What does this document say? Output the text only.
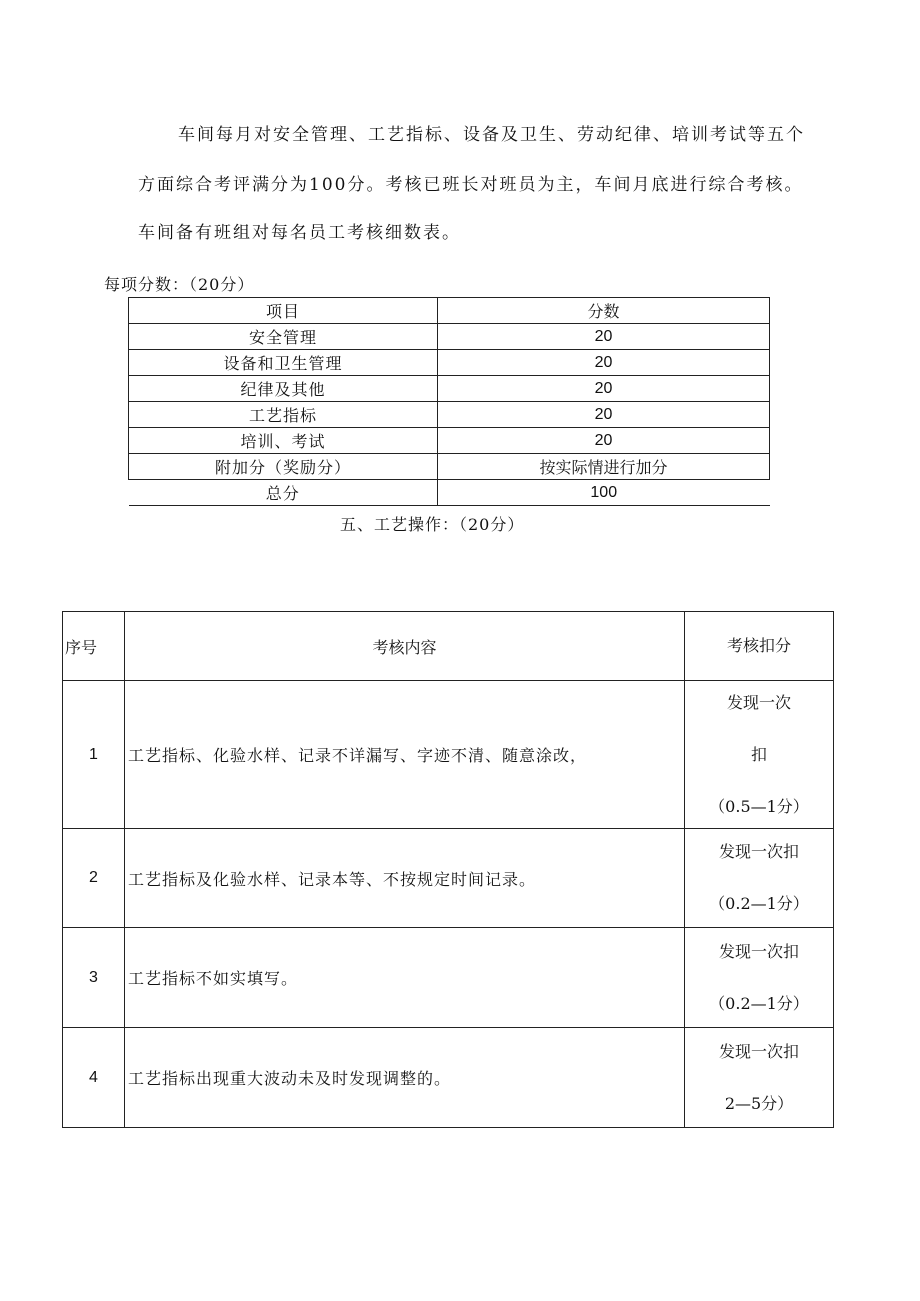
车间每月对安全管理、工艺指标、设备及卫生、劳动纪律、培训考试等五个
方面综合考评满分为100分。考核已班长对班员为主，车间月底进行综合考核。
车间备有班组对每名员工考核细数表。
每项分数：（20分）
项目	分数
安全管理	20
设备和卫生管理	20
纪律及其他	20
工艺指标	20
培训、考试	20
附加分（奖励分）	按实际情进行加分
总分	100
五、工艺操作：（20分）
序号	考核内容	考核扣分
1	工艺指标、化验水样、记录不详漏写、字迹不清、随意涂改，	发现一次
扣
（0.5—1分）

2	工艺指标及化验水样、记录本等、不按规定时间记录。	发现一次扣
（0.2—1分）

3	工艺指标不如实填写。	发现一次扣
（0.2—1分）

4	工艺指标出现重大波动未及时发现调整的。	发现一次扣
2—5分）
